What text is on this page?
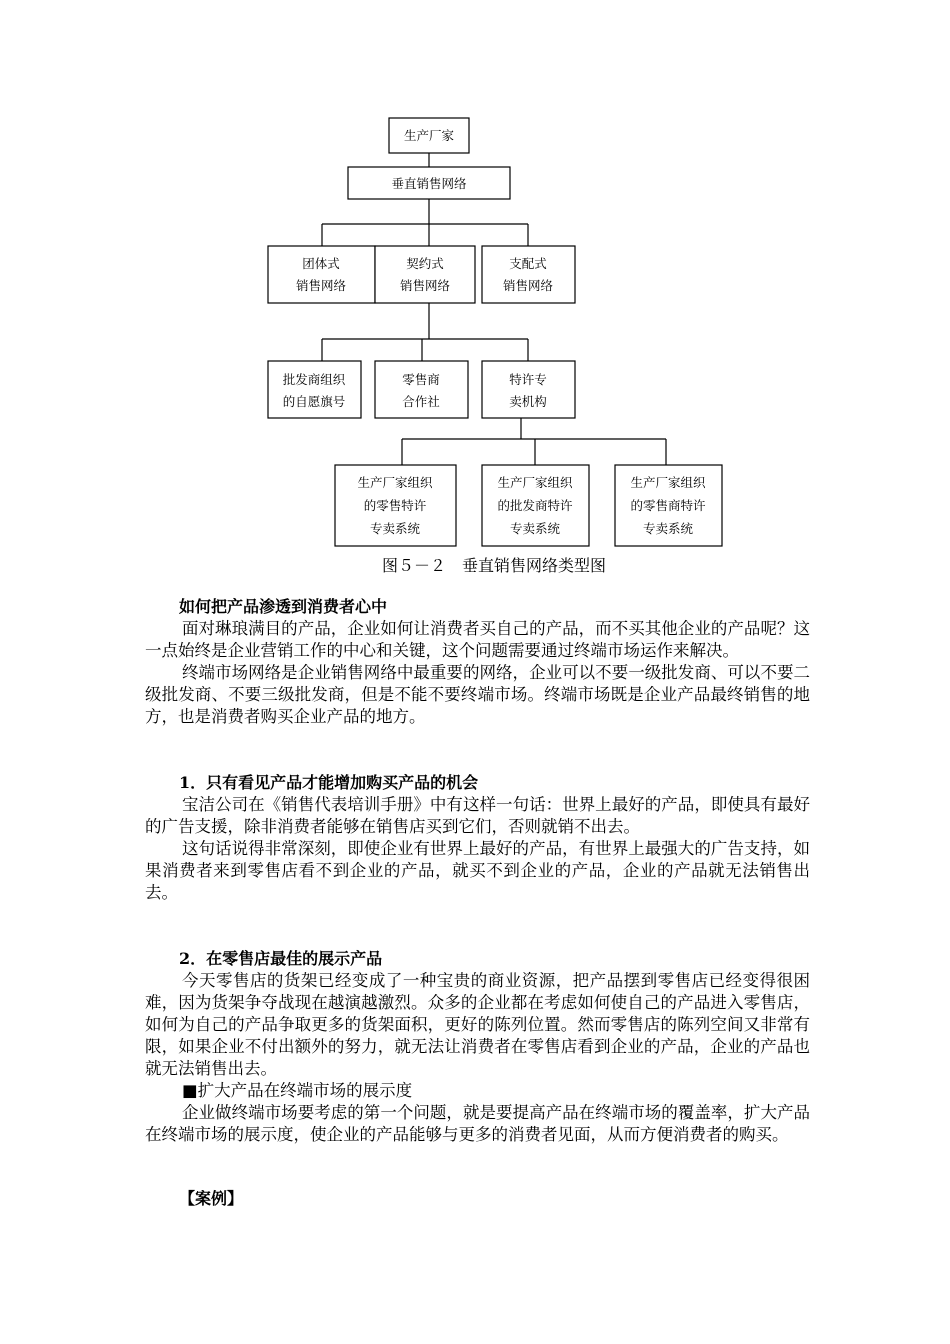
生产厂家
垂直销售网络
团体式
销售网络
契约式
销售网络
支配式
销售网络
批发商组织
的自愿旗号
零售商
合作社
特许专
卖机构
生产厂家组织
的零售特许
专卖系统
生产厂家组织
的批发商特许
专卖系统
生产厂家组织
的零售商特许
专卖系统
图５－２　垂直销售网络类型图

如何把产品渗透到消费者心中

面对琳琅满目的产品，企业如何让消费者买自己的产品，而不买其他企业的产品呢？这一点始终是企业营销工作的中心和关键，这个问题需要通过终端市场运作来解决。

终端市场网络是企业销售网络中最重要的网络，企业可以不要一级批发商、可以不要二级批发商、不要三级批发商，但是不能不要终端市场。终端市场既是企业产品最终销售的地方，也是消费者购买企业产品的地方。

1．只有看见产品才能增加购买产品的机会

宝洁公司在《销售代表培训手册》中有这样一句话：世界上最好的产品，即使具有最好的广告支援，除非消费者能够在销售店买到它们，否则就销不出去。

这句话说得非常深刻，即使企业有世界上最好的产品，有世界上最强大的广告支持，如果消费者来到零售店看不到企业的产品，就买不到企业的产品，企业的产品就无法销售出去。

2．在零售店最佳的展示产品

今天零售店的货架已经变成了一种宝贵的商业资源，把产品摆到零售店已经变得很困难，因为货架争夺战现在越演越激烈。众多的企业都在考虑如何使自己的产品进入零售店，如何为自己的产品争取更多的货架面积，更好的陈列位置。然而零售店的陈列空间又非常有限，如果企业不付出额外的努力，就无法让消费者在零售店看到企业的产品，企业的产品也就无法销售出去。

■扩大产品在终端市场的展示度

企业做终端市场要考虑的第一个问题，就是要提高产品在终端市场的覆盖率，扩大产品在终端市场的展示度，使企业的产品能够与更多的消费者见面，从而方便消费者的购买。

【案例】
